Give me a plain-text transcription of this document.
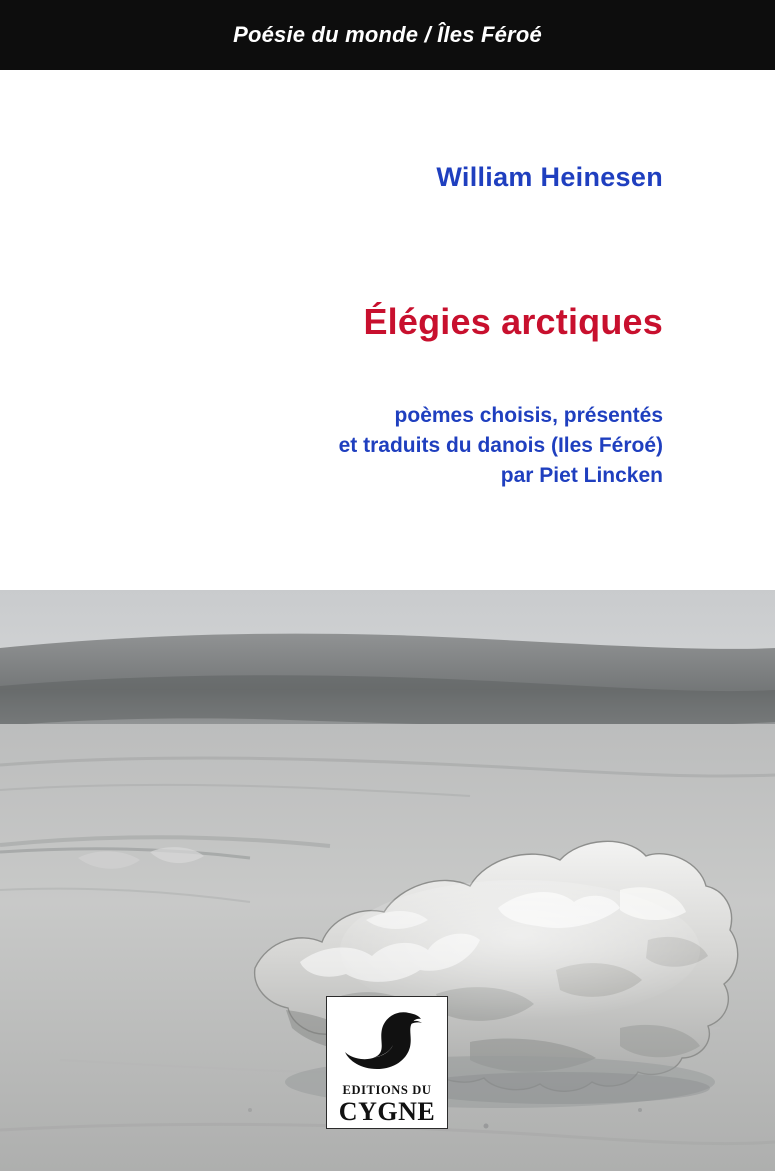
Poésie du monde / Îles Féroé
William Heinesen
Élégies arctiques
poèmes choisis, présentés
et traduits du danois (Iles Féroé)
par Piet Lincken
EDITIONS DU
CYGNE
